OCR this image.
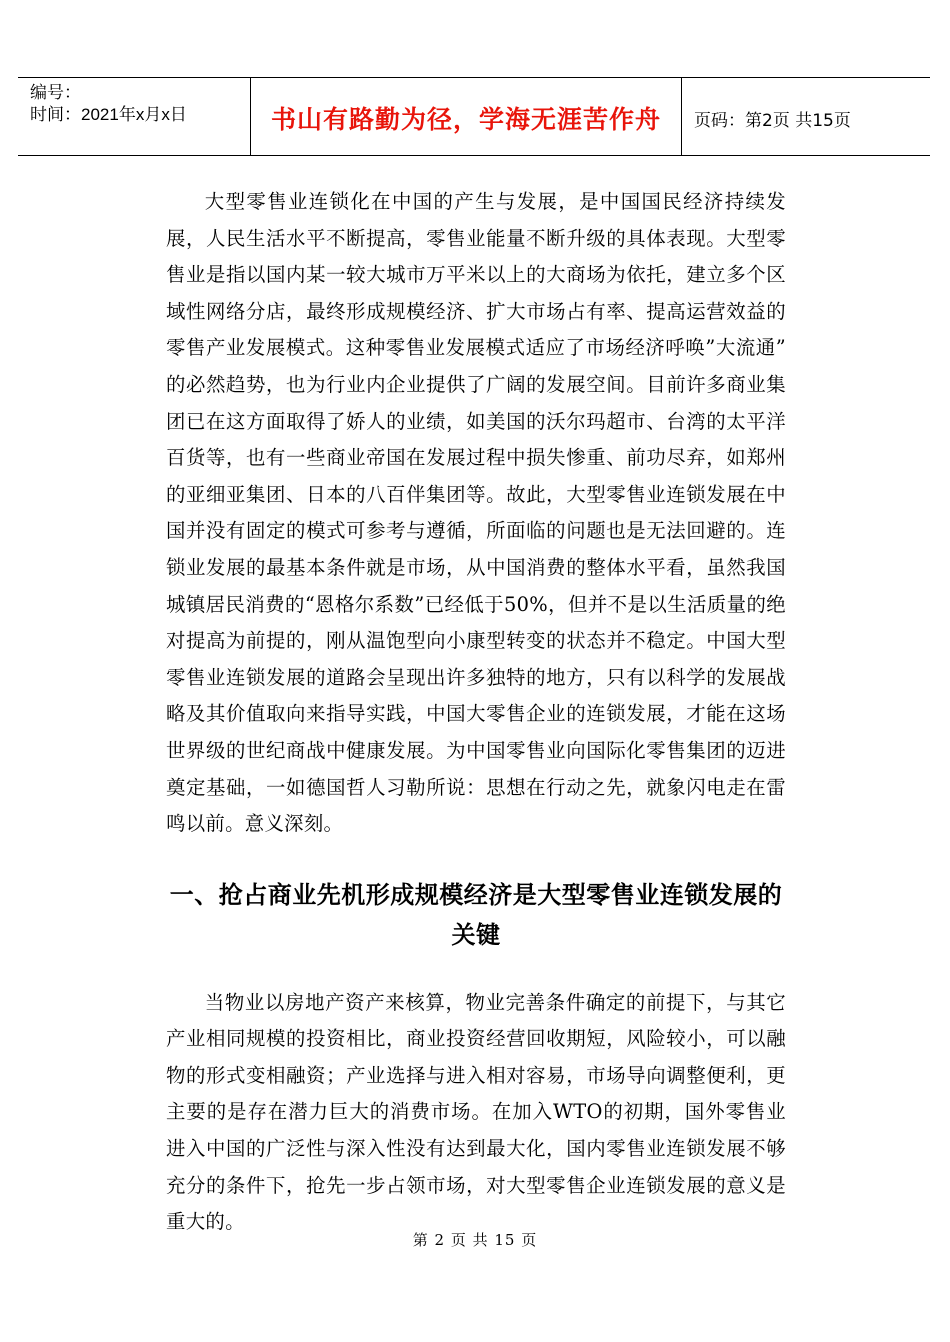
编号：
时间：2021年x月x日	书山有路勤为径，学海无涯苦作舟 页码：第2页 共15页

大型零售业连锁化在中国的产生与发展，是中国国民经济持续发展，人民生活水平不断提高，零售业能量不断升级的具体表现。大型零售业是指以国内某一较大城市万平米以上的大商场为依托，建立多个区域性网络分店，最终形成规模经济、扩大市场占有率、提高运营效益的零售产业发展模式。这种零售业发展模式适应了市场经济呼唤”大流通” 的必然趋势，也为行业内企业提供了广阔的发展空间。目前许多商业集团已在这方面取得了娇人的业绩，如美国的沃尔玛超市、台湾的太平洋百货等，也有一些商业帝国在发展过程中损失惨重、前功尽弃，如郑州的亚细亚集团、日本的八百伴集团等。故此，大型零售业连锁发展在中国并没有固定的模式可参考与遵循，所面临的问题也是无法回避的。连锁业发展的最基本条件就是市场，从中国消费的整体水平看，虽然我国城镇居民消费的“恩格尔系数”已经低于50%，但并不是以生活质量的绝对提高为前提的，刚从温饱型向小康型转变的状态并不稳定。中国大型零售业连锁发展的道路会呈现出许多独特的地方，只有以科学的发展战略及其价值取向来指导实践，中国大零售企业的连锁发展，才能在这场世界级的世纪商战中健康发展。为中国零售业向国际化零售集团的迈进奠定基础，一如德国哲人习勒所说：思想在行动之先，就象闪电走在雷鸣以前。意义深刻。

一、抢占商业先机形成规模经济是大型零售业连锁发展的关键

当物业以房地产资产来核算，物业完善条件确定的前提下，与其它产业相同规模的投资相比，商业投资经营回收期短，风险较小，可以融物的形式变相融资；产业选择与进入相对容易，市场导向调整便利，更主要的是存在潜力巨大的消费市场。在加入WTO的初期，国外零售业进入中国的广泛性与深入性没有达到最大化，国内零售业连锁发展不够充分的条件下，抢先一步占领市场，对大型零售企业连锁发展的意义是重大的。

第 2 页 共 15 页
